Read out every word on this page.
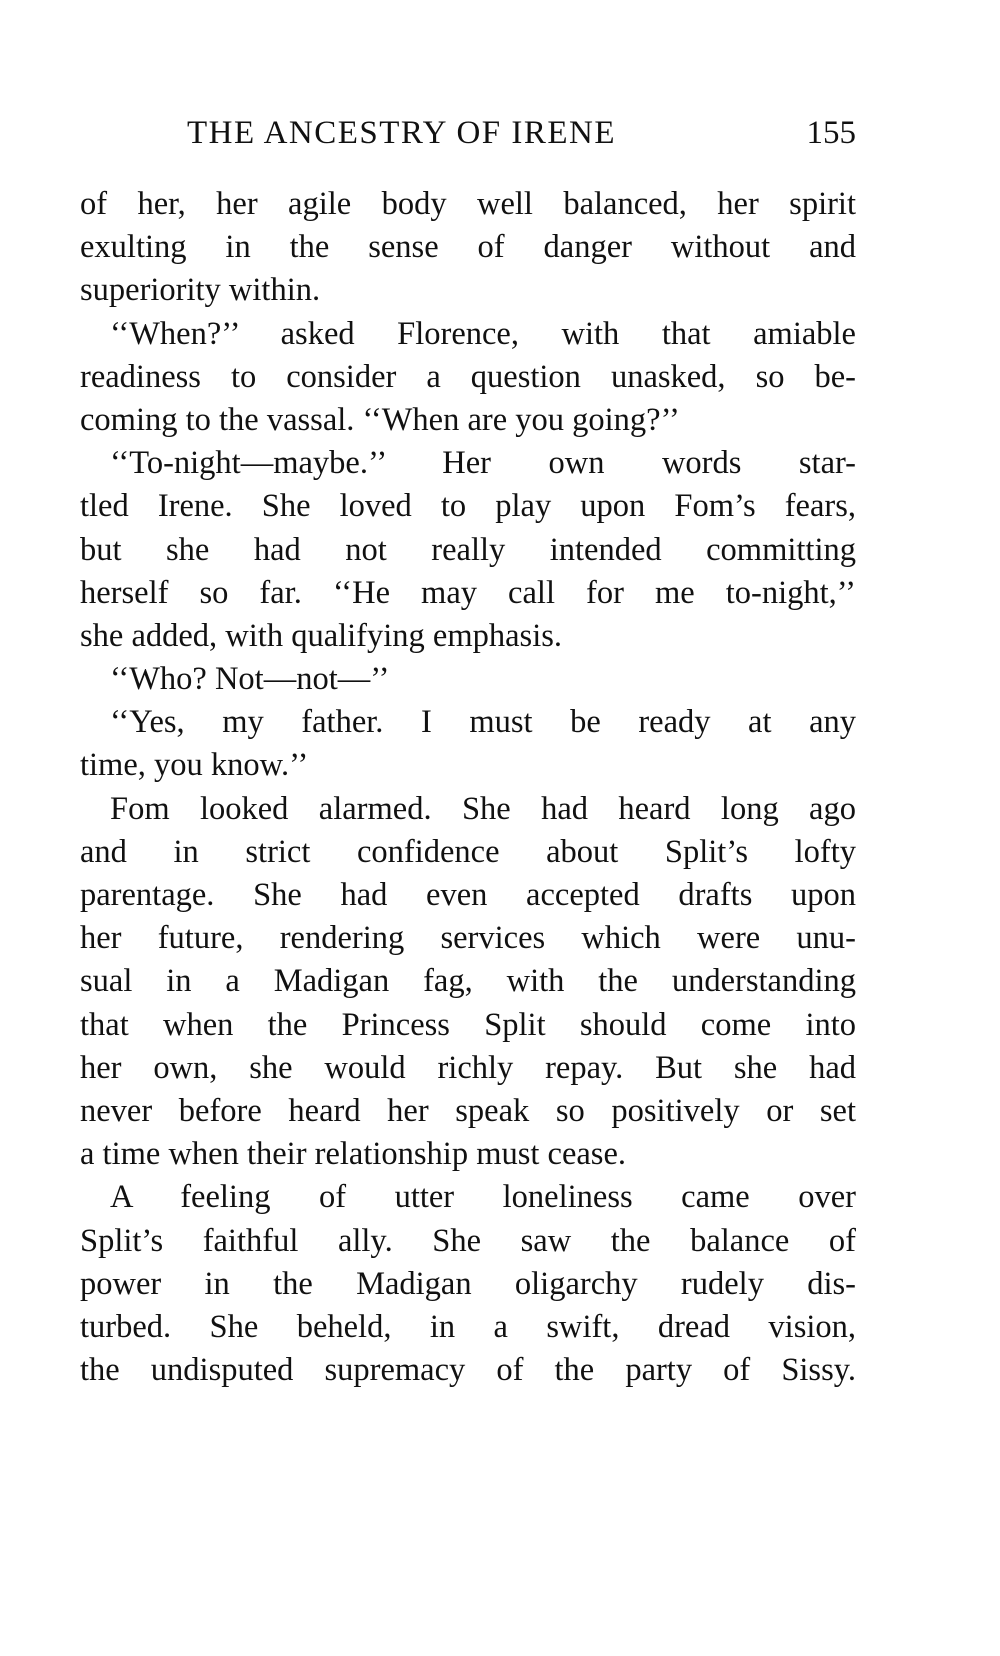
THE ANCESTRY OF IRENE	155
of her, her agile body well balanced, her spirit
exulting in the sense of danger without and
superiority within.
‘‘When?’’ asked Florence, with that amiable
readiness to consider a question unasked, so be-
coming to the vassal. ‘‘When are you going?’’
‘‘To-night—maybe.’’ Her own words star-
tled Irene. She loved to play upon Fom’s fears,
but she had not really intended committing
herself so far. ‘‘He may call for me to-night,’’
she added, with qualifying emphasis.
‘‘Who? Not—not—’’
‘‘Yes, my father. I must be ready at any
time, you know.’’
Fom looked alarmed. She had heard long ago
and in strict confidence about Split’s lofty
parentage. She had even accepted drafts upon
her future, rendering services which were unu-
sual in a Madigan fag, with the understanding
that when the Princess Split should come into
her own, she would richly repay. But she had
never before heard her speak so positively or set
a time when their relationship must cease.
A feeling of utter loneliness came over
Split’s faithful ally. She saw the balance of
power in the Madigan oligarchy rudely dis-
turbed. She beheld, in a swift, dread vision,
the undisputed supremacy of the party of Sissy.
